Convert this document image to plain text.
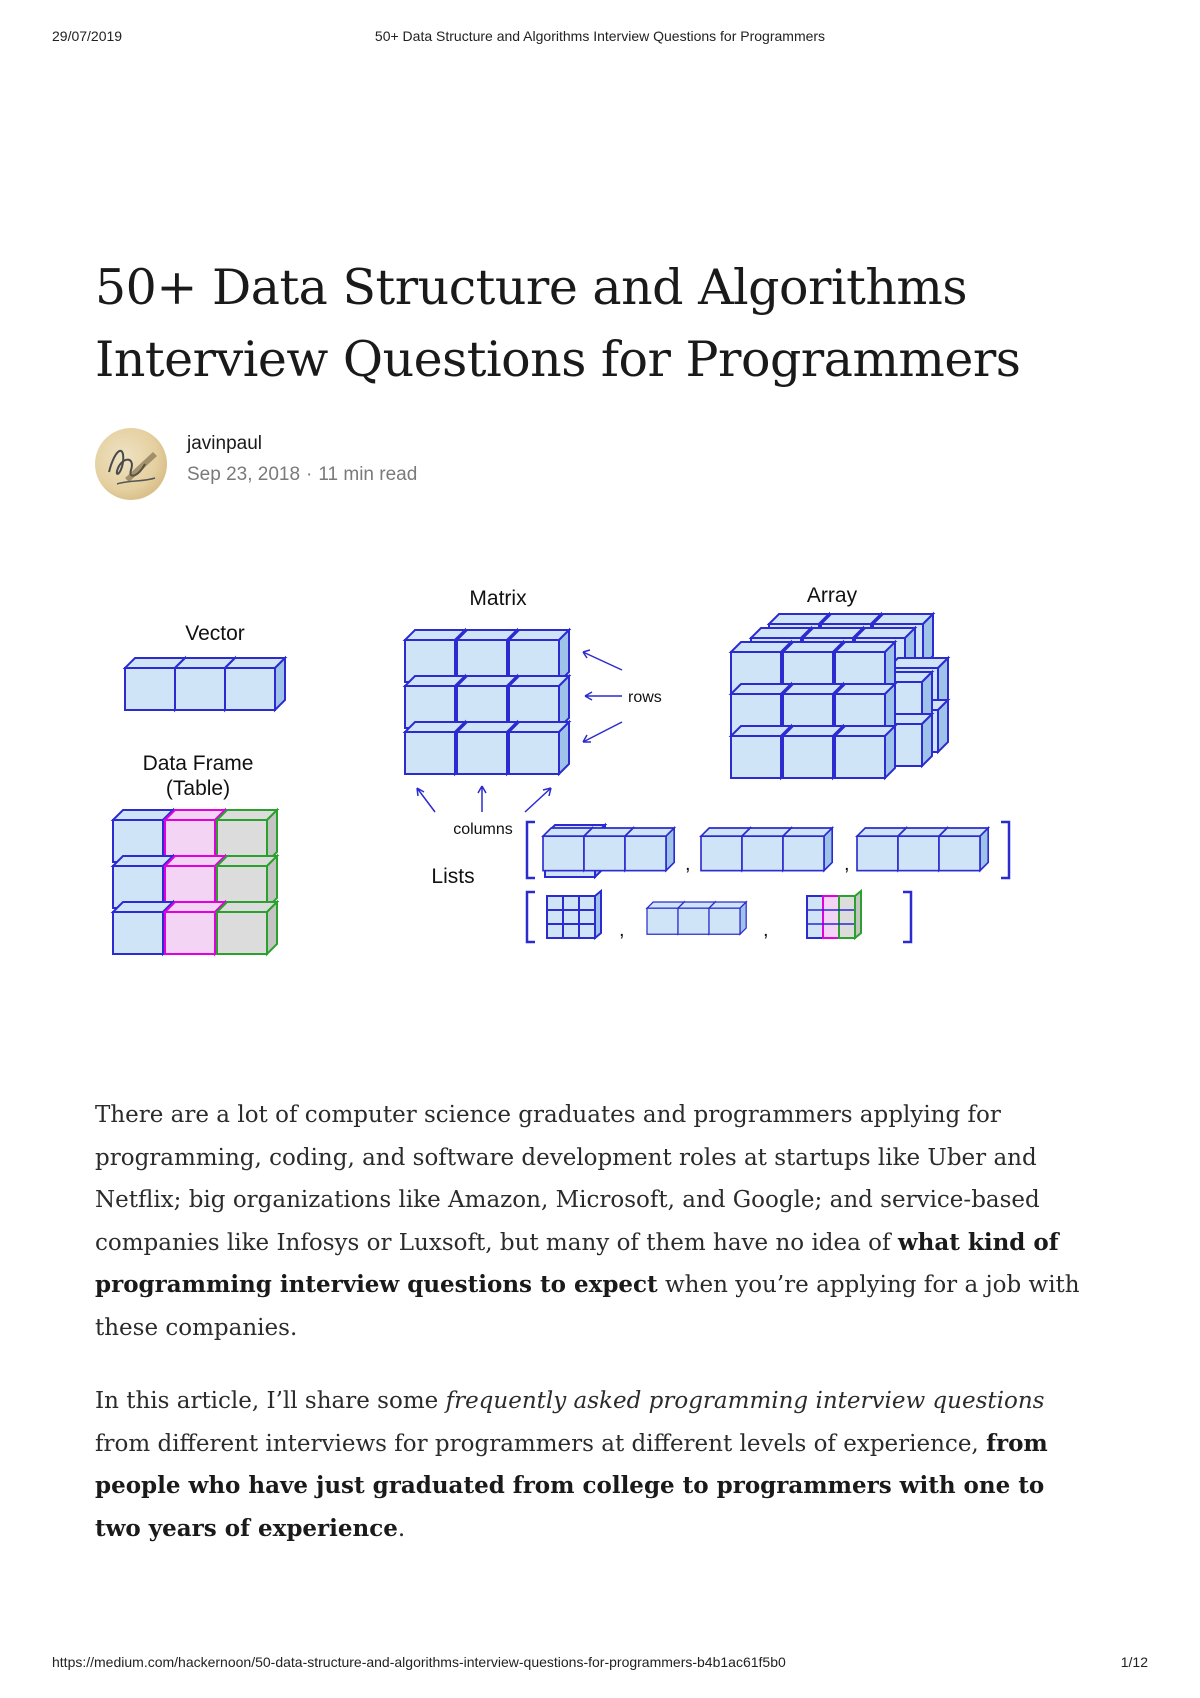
29/07/2019	50+ Data Structure and Algorithms Interview Questions for Programmers
50+ Data Structure and Algorithms
Interview Questions for Programmers
javinpaul
Sep 23, 2018 · 11 min read
Vector
Matrix
rows
columns
Array
Data Frame
(Table)
Lists
,	,
,	,

There are a lot of computer science graduates and programmers applying for programming, coding, and software development roles at startups like Uber and Netflix; big organizations like Amazon, Microsoft, and Google; and service-based companies like Infosys or Luxsoft, but many of them have no idea of what kind of programming interview questions to expect when you’re applying for a job with these companies.

In this article, I’ll share some frequently asked programming interview questions from different interviews for programmers at different levels of experience, from people who have just graduated from college to programmers with one to two years of experience.

https://medium.com/hackernoon/50-data-structure-and-algorithms-interview-questions-for-programmers-b4b1ac61f5b0	1/12
